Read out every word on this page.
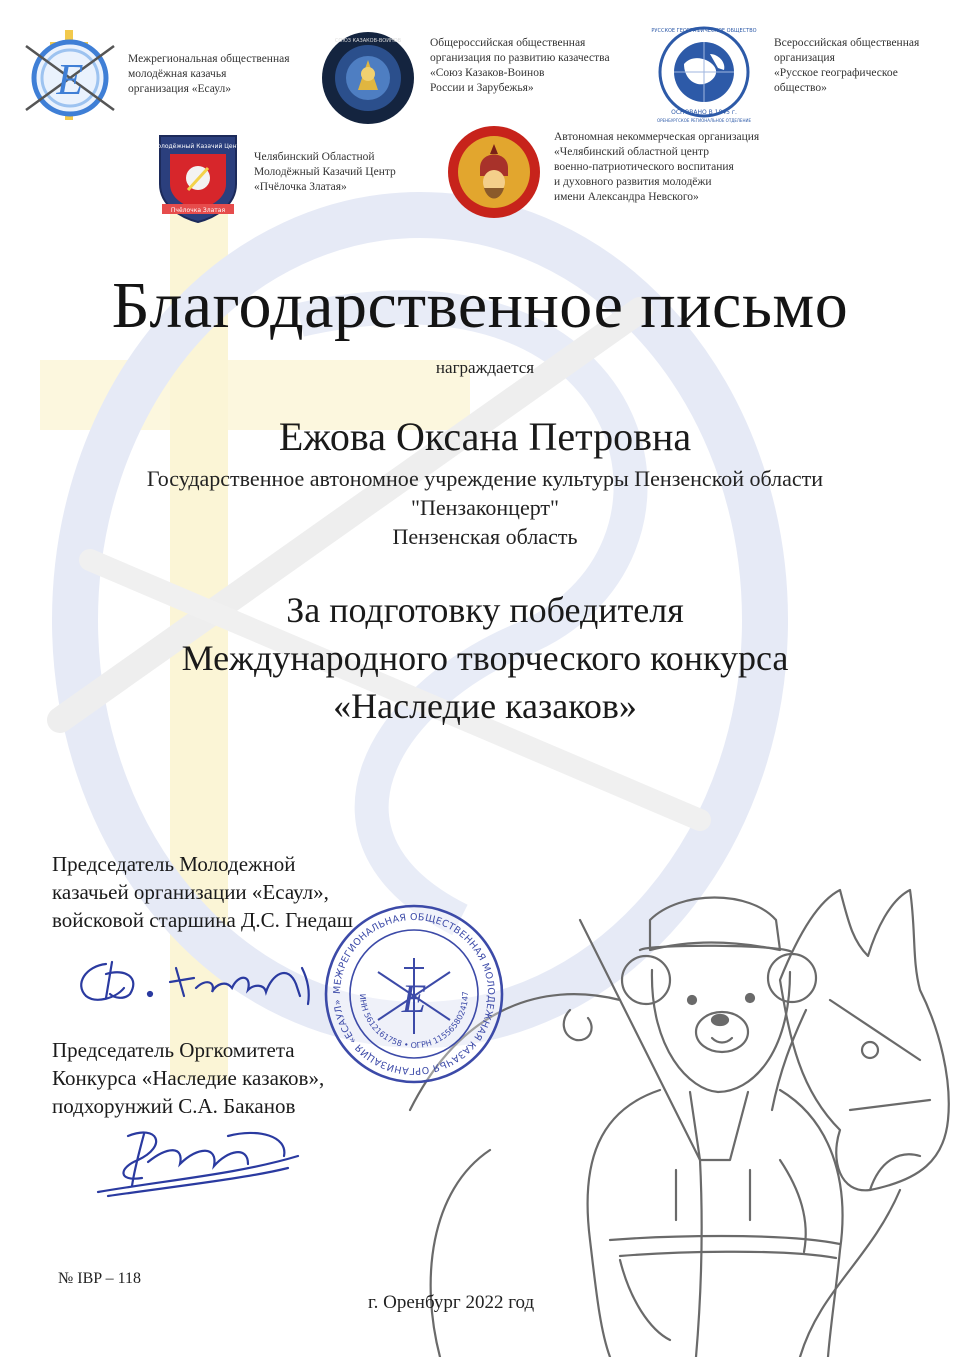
E	Межрегиональная общественная
молодёжная казачья
организация «Есаул»
СОЮЗ КАЗАКОВ-ВОИНОВ	Общероссийская общественная
организация по развитию казачества
«Союз Казаков-Воинов
России и Зарубежья»
РУССКОЕ ГЕОГРАФИЧЕСКОЕ ОБЩЕСТВО
ОСНОВАНО В 1845 г.
ОРЕНБУРГСКОЕ РЕГИОНАЛЬНОЕ ОТДЕЛЕНИЕ
Всероссийская общественная
организация
«Русское географическое
общество»
Молодёжный Казачий Центр
Пчёлочка Златая
Челябинский Областной
Молодёжный Казачий Центр
«Пчёлочка Златая»
Автономная некоммерческая организация
«Челябинский областной центр
военно-патриотического воспитания
и духовного развития молодёжи
имени Александра Невского»
Благодарственное письмо
награждается
Ежова Оксана Петровна
Государственное автономное учреждение культуры Пензенской области
"Пензаконцерт"
Пензенская область
За подготовку победителя
Международного творческого конкурса
«Наследие казаков»
Председатель Молодежной
казачьей организации «Есаул»,
войсковой старшина Д.С. Гнедаш
Председатель Оргкомитета
Конкурса «Наследие казаков»,
подхорунжий С.А. Баканов
МЕЖРЕГИОНАЛЬНАЯ ОБЩЕСТВЕННАЯ МОЛОДЕЖНАЯ КАЗАЧЬЯ ОРГАНИЗАЦИЯ «ЕСАУЛ»
ИНН 5612161758 • ОГРН 1155658024147
E
№ IBP – 118
г. Оренбург 2022 год
